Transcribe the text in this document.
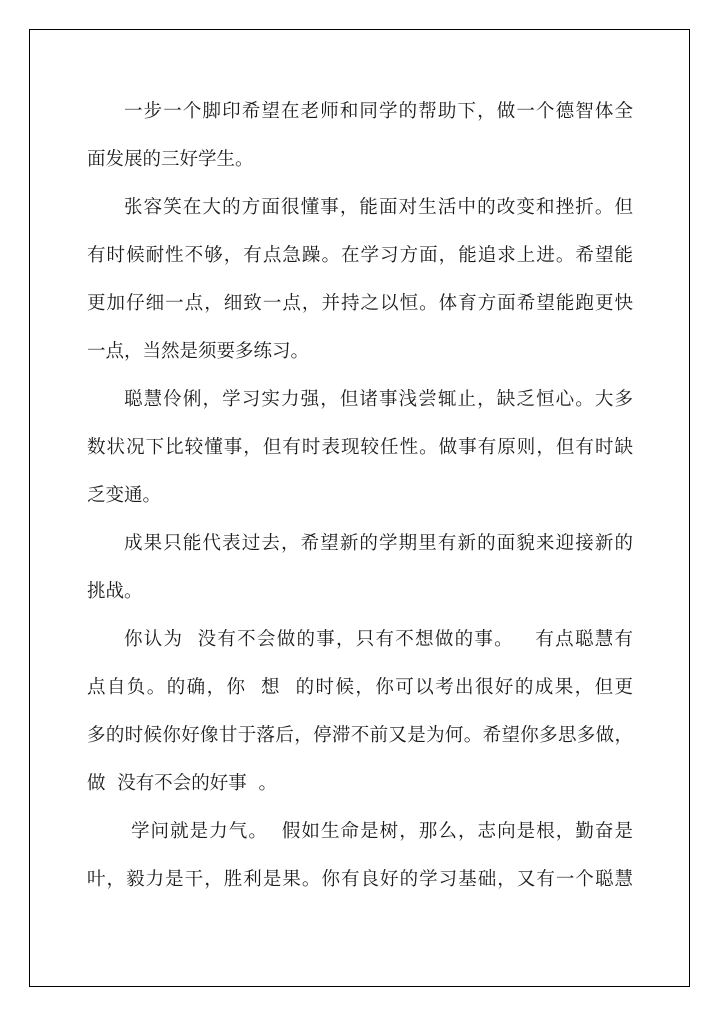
一步一个脚印希望在老师和同学的帮助下，做一个德智体全
面发展的三好学生。
张容笑在大的方面很懂事，能面对生活中的改变和挫折。但
有时候耐性不够，有点急躁。在学习方面，能追求上进。希望能
更加仔细一点，细致一点，并持之以恒。体育方面希望能跑更快
一点，当然是须要多练习。
聪慧伶俐，学习实力强，但诸事浅尝辄止，缺乏恒心。大多
数状况下比较懂事，但有时表现较任性。做事有原则，但有时缺
乏变通。
成果只能代表过去，希望新的学期里有新的面貌来迎接新的
挑战。
你认为  没有不会做的事，只有不想做的事。   有点聪慧有
点自负。的确，你  想  的时候，你可以考出很好的成果，但更
多的时候你好像甘于落后，停滞不前又是为何。希望你多思多做，
做  没有不会的好事  。
学问就是力气。  假如生命是树，那么，志向是根，勤奋是
叶，毅力是干，胜利是果。你有良好的学习基础，又有一个聪慧
